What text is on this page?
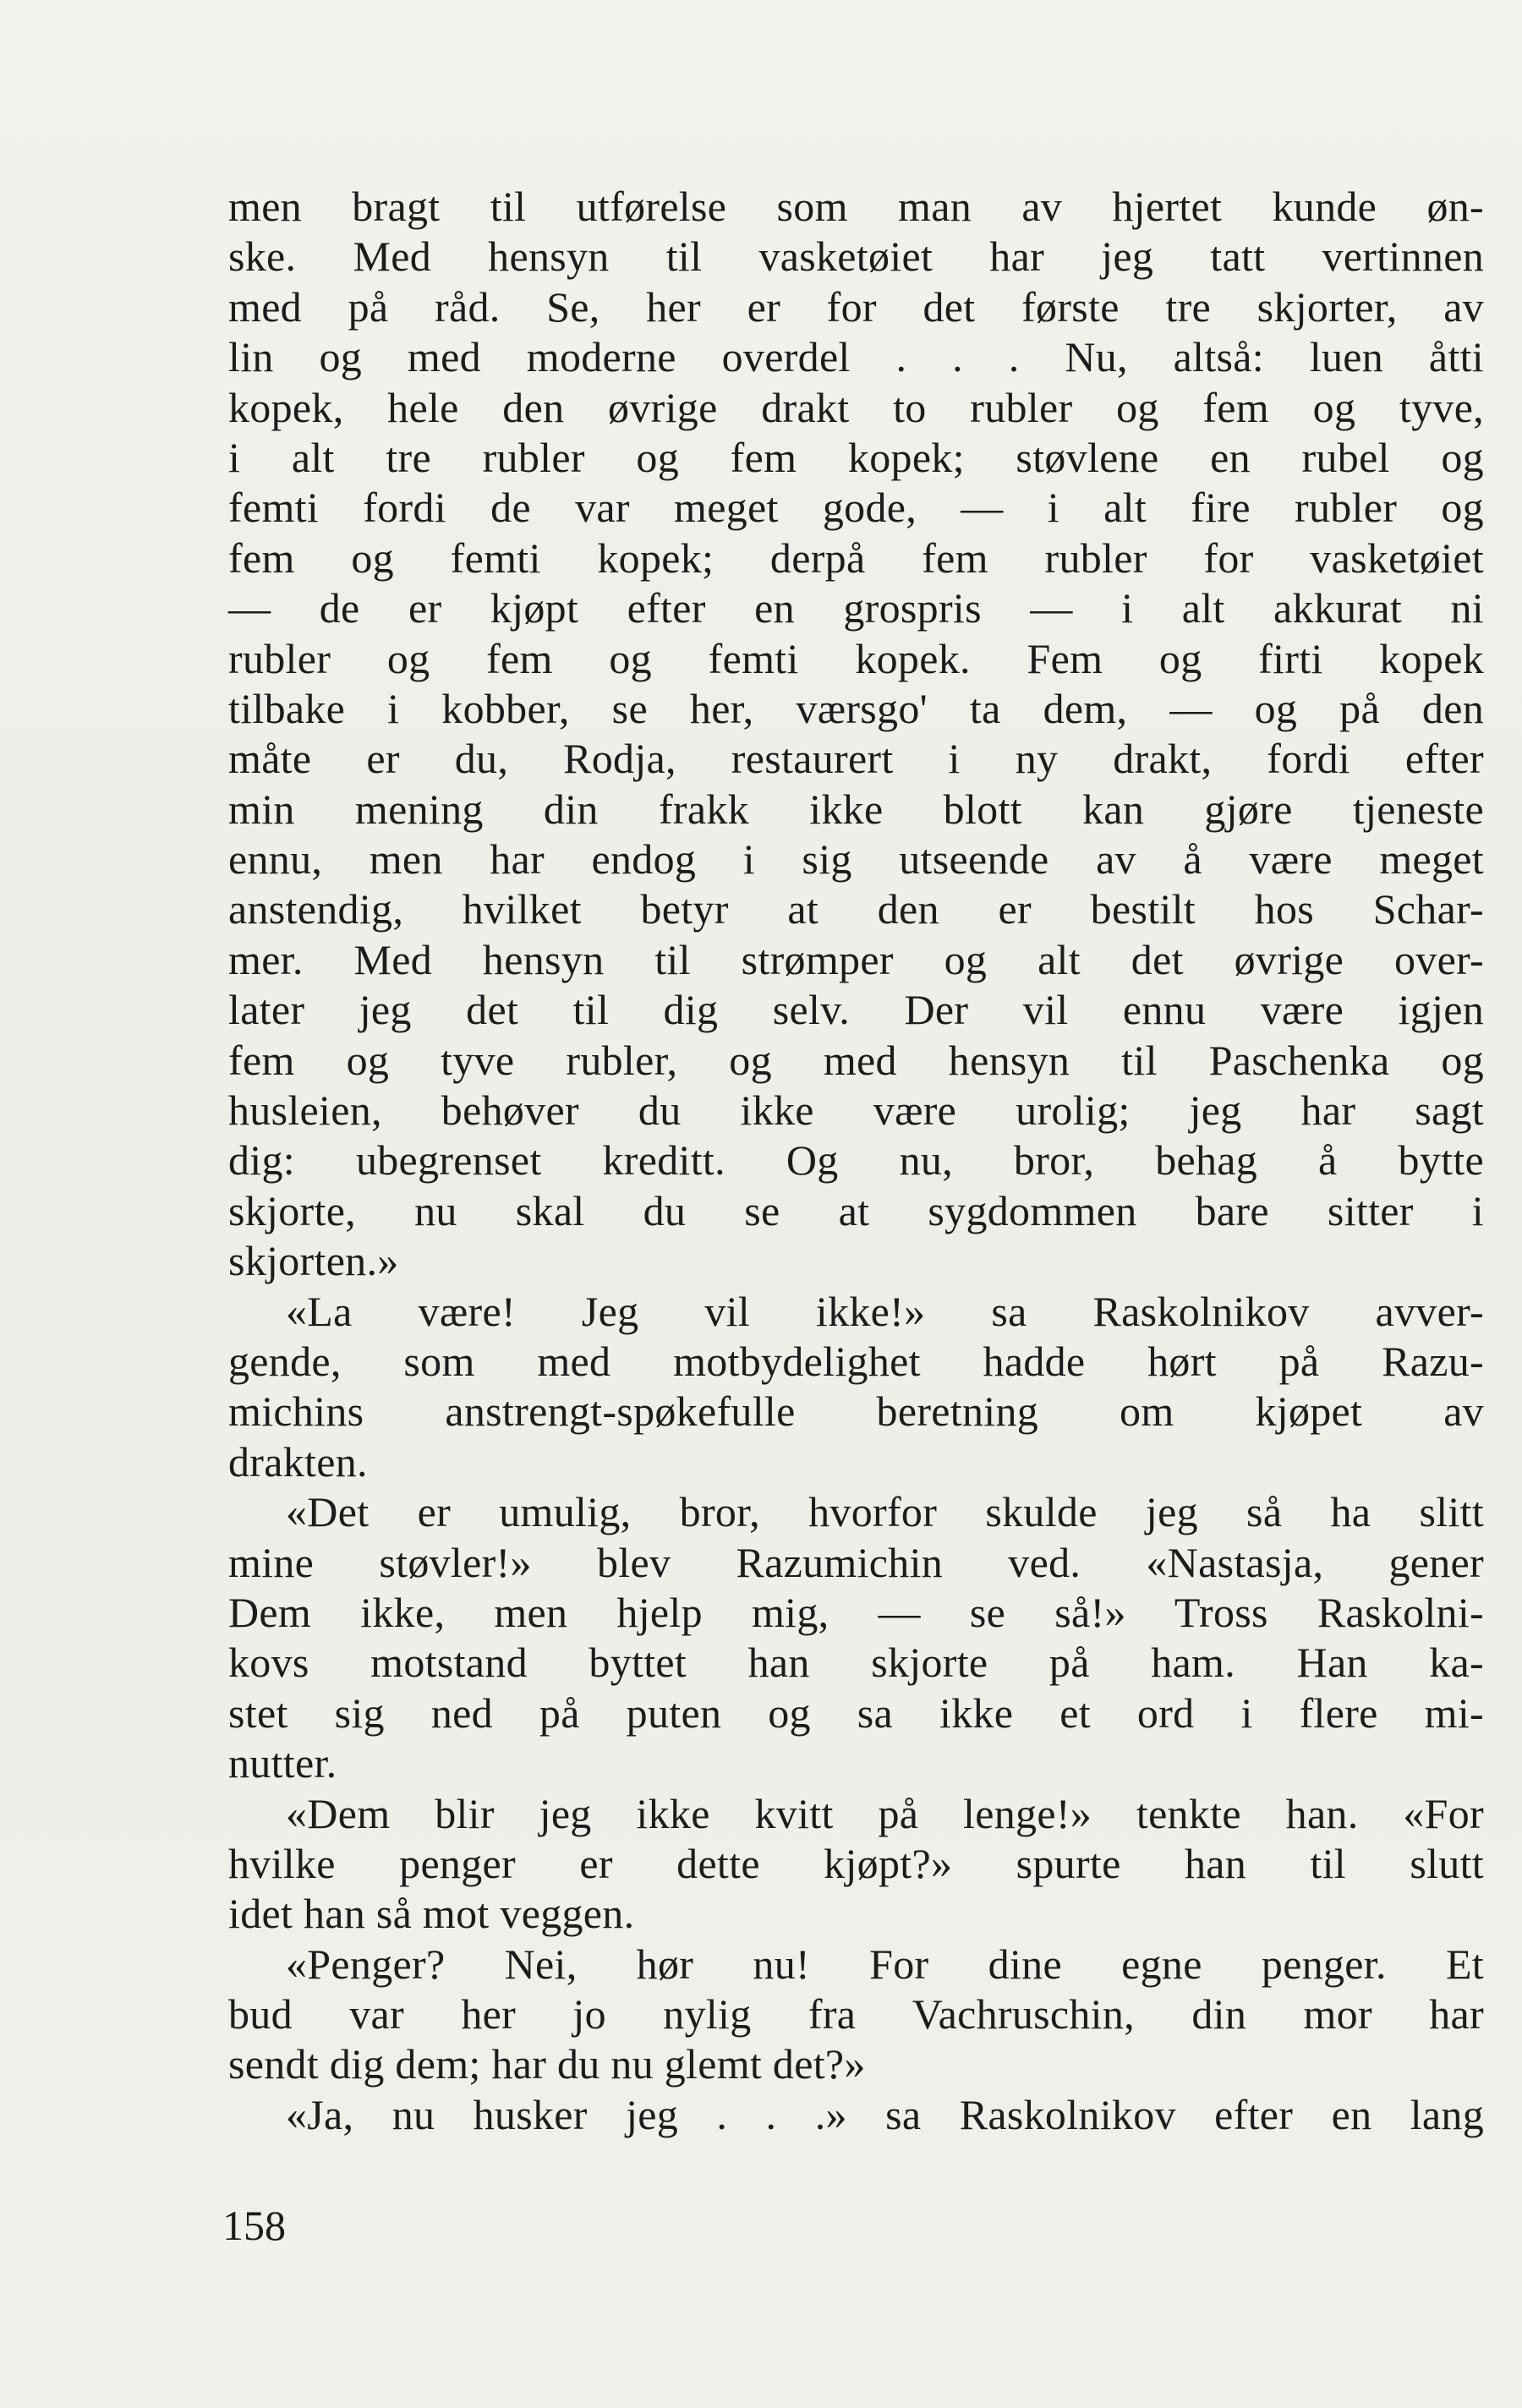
men bragt til utførelse som man av hjertet kunde øn-
ske. Med hensyn til vasketøiet har jeg tatt vertinnen
med på råd. Se, her er for det første tre skjorter, av
lin og med moderne overdel . . . Nu, altså: luen åtti
kopek, hele den øvrige drakt to rubler og fem og tyve,
i alt tre rubler og fem kopek; støvlene en rubel og
femti fordi de var meget gode, — i alt fire rubler og
fem og femti kopek; derpå fem rubler for vasketøiet
— de er kjøpt efter en grospris — i alt akkurat ni
rubler og fem og femti kopek. Fem og firti kopek
tilbake i kobber, se her, værsgo' ta dem, — og på den
måte er du, Rodja, restaurert i ny drakt, fordi efter
min mening din frakk ikke blott kan gjøre tjeneste
ennu, men har endog i sig utseende av å være meget
anstendig, hvilket betyr at den er bestilt hos Schar-
mer. Med hensyn til strømper og alt det øvrige over-
later jeg det til dig selv. Der vil ennu være igjen
fem og tyve rubler, og med hensyn til Paschenka og
husleien, behøver du ikke være urolig; jeg har sagt
dig: ubegrenset kreditt. Og nu, bror, behag å bytte
skjorte, nu skal du se at sygdommen bare sitter i
skjorten.»
«La være! Jeg vil ikke!» sa Raskolnikov avver-
gende, som med motbydelighet hadde hørt på Razu-
michins anstrengt-spøkefulle beretning om kjøpet av
drakten.
«Det er umulig, bror, hvorfor skulde jeg så ha slitt
mine støvler!» blev Razumichin ved. «Nastasja, gener
Dem ikke, men hjelp mig, — se så!» Tross Raskolni-
kovs motstand byttet han skjorte på ham. Han ka-
stet sig ned på puten og sa ikke et ord i flere mi-
nutter.
«Dem blir jeg ikke kvitt på lenge!» tenkte han. «For
hvilke penger er dette kjøpt?» spurte han til slutt
idet han så mot veggen.
«Penger? Nei, hør nu! For dine egne penger. Et
bud var her jo nylig fra Vachruschin, din mor har
sendt dig dem; har du nu glemt det?»
«Ja, nu husker jeg . . .» sa Raskolnikov efter en lang
158
